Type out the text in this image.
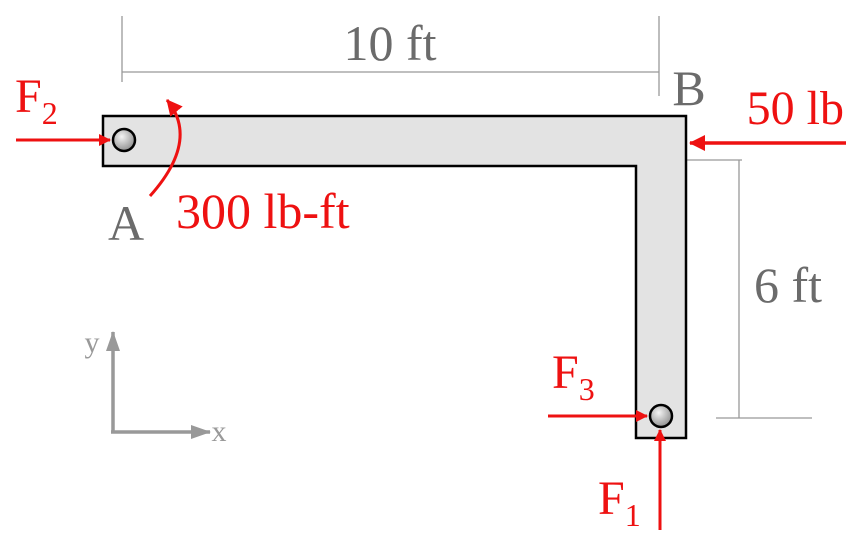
10 ft
6 ft
A
B
$F_2$
300 lb-ft
50 lb
$F_3$
$F_1$
y
x
